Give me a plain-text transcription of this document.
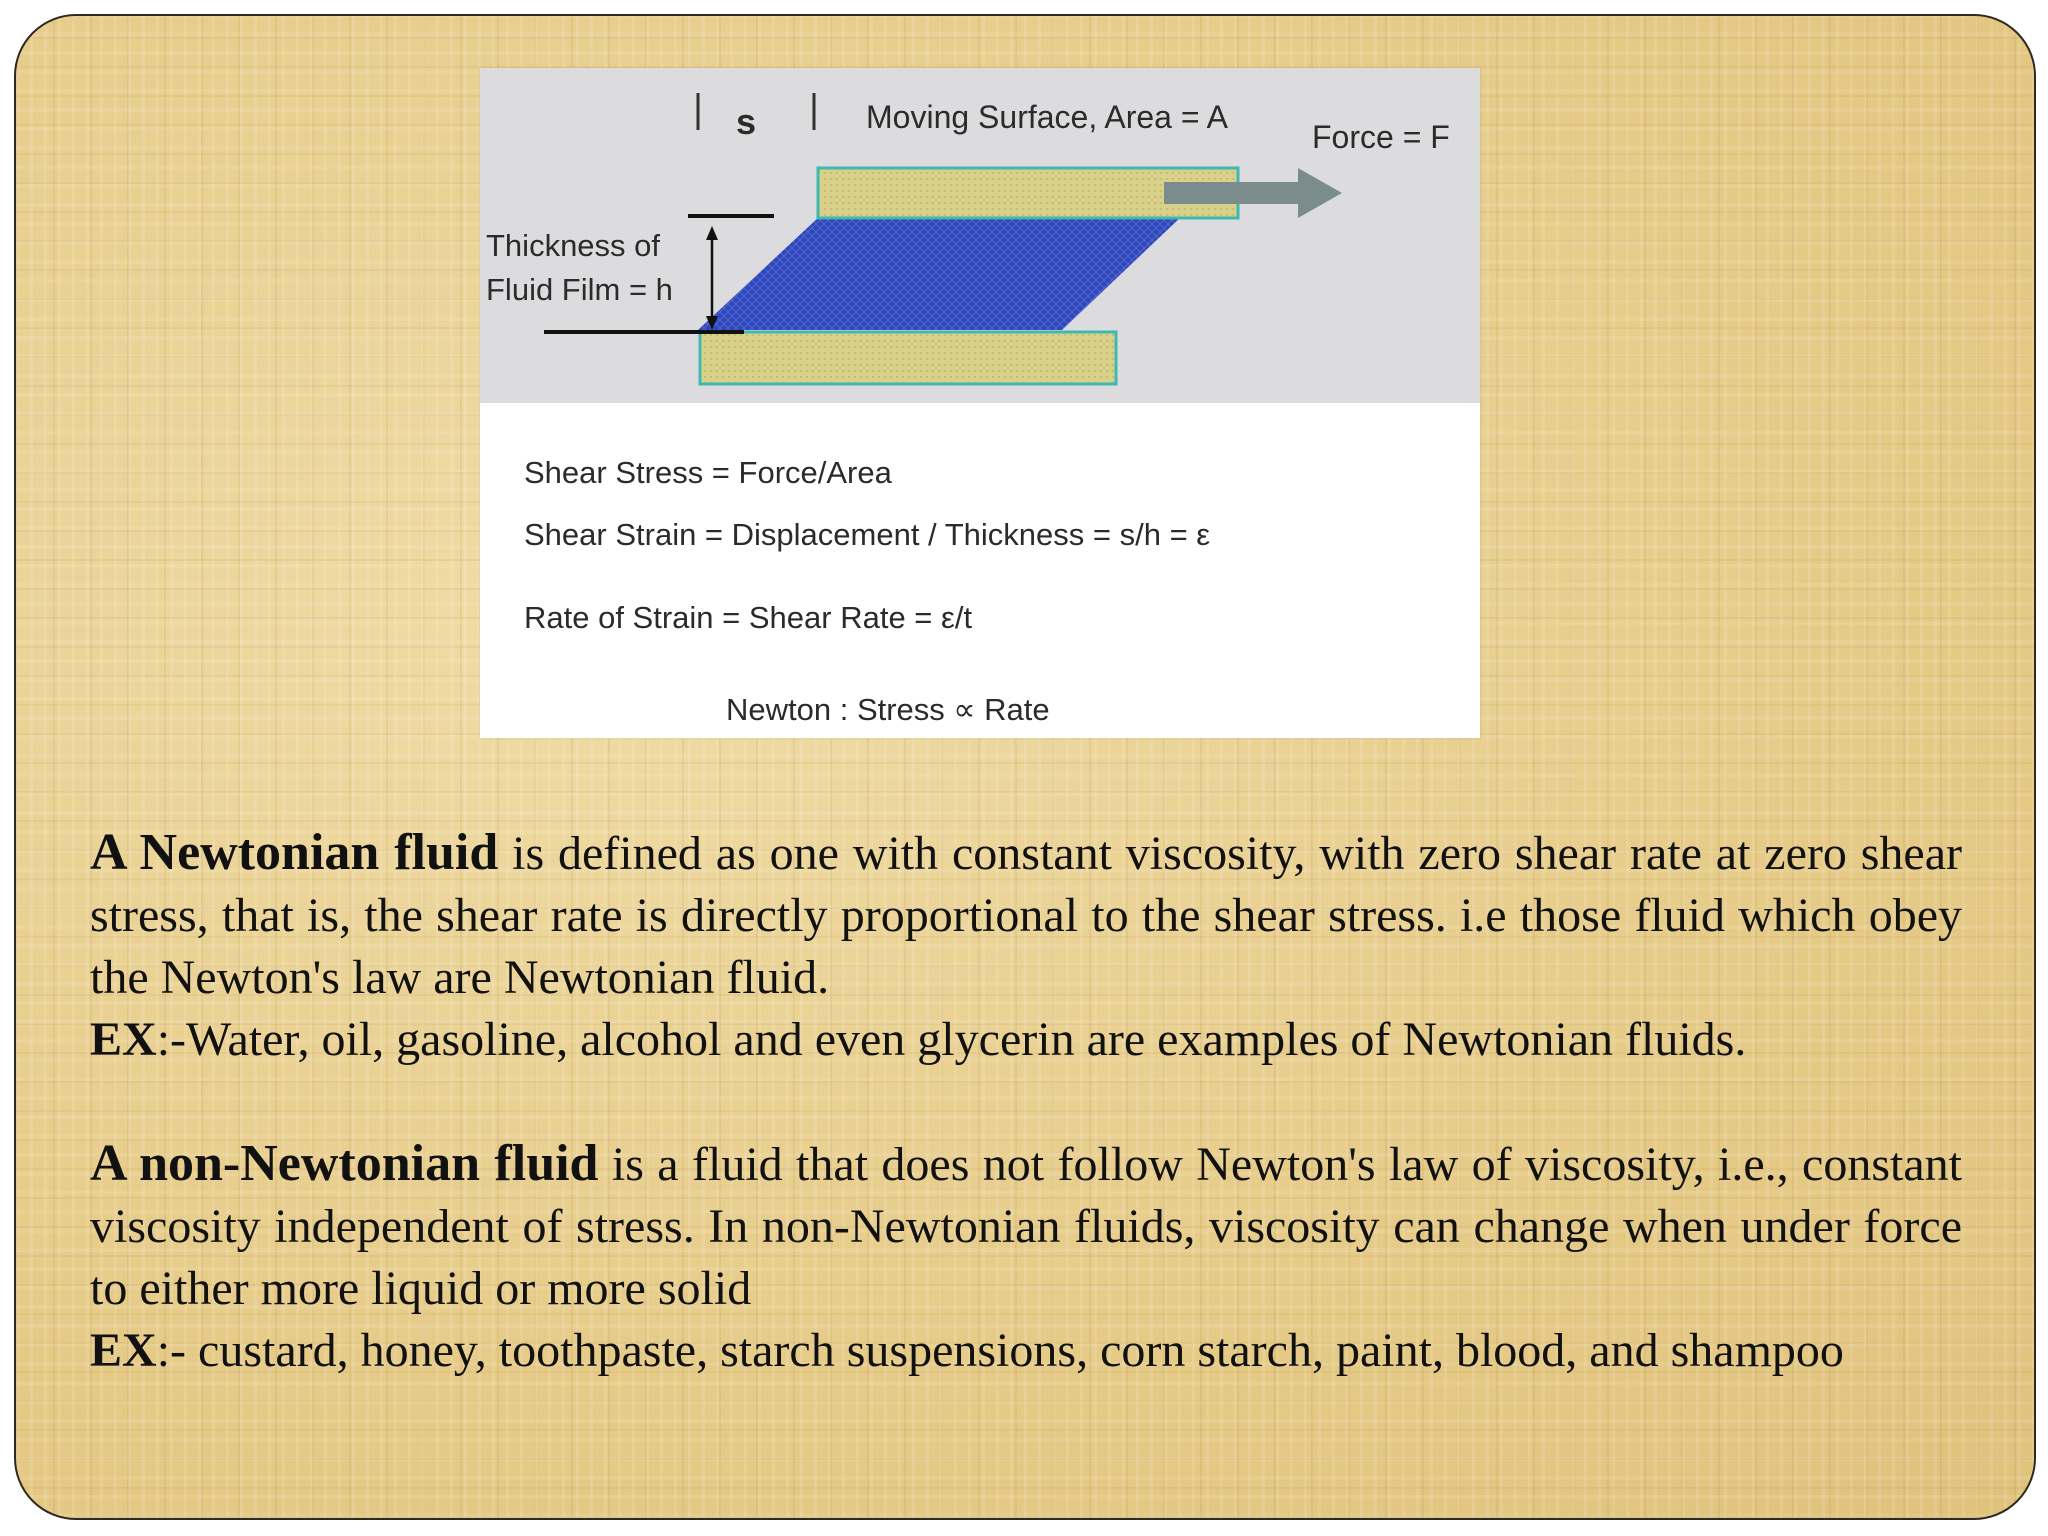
s	Moving Surface, Area = A
Force = F
Thickness of
Fluid Film = h
Shear Stress = Force/Area
Shear Strain = Displacement / Thickness = s/h = ε
Rate of Strain = Shear Rate = ε/t
Newton : Stress ∝ Rate

A Newtonian fluid is defined as one with constant viscosity, with zero shear rate at zero shear stress, that is, the shear rate is directly proportional to the shear stress. i.e those fluid which obey the Newton's law are Newtonian fluid.

EX:-Water, oil, gasoline, alcohol and even glycerin are examples of Newtonian fluids.

A non-Newtonian fluid is a fluid that does not follow Newton's law of viscosity, i.e., constant viscosity independent of stress. In non-Newtonian fluids, viscosity can change when under force to either more liquid or more solid

EX:- custard, honey, toothpaste, starch suspensions, corn starch, paint, blood, and shampoo
